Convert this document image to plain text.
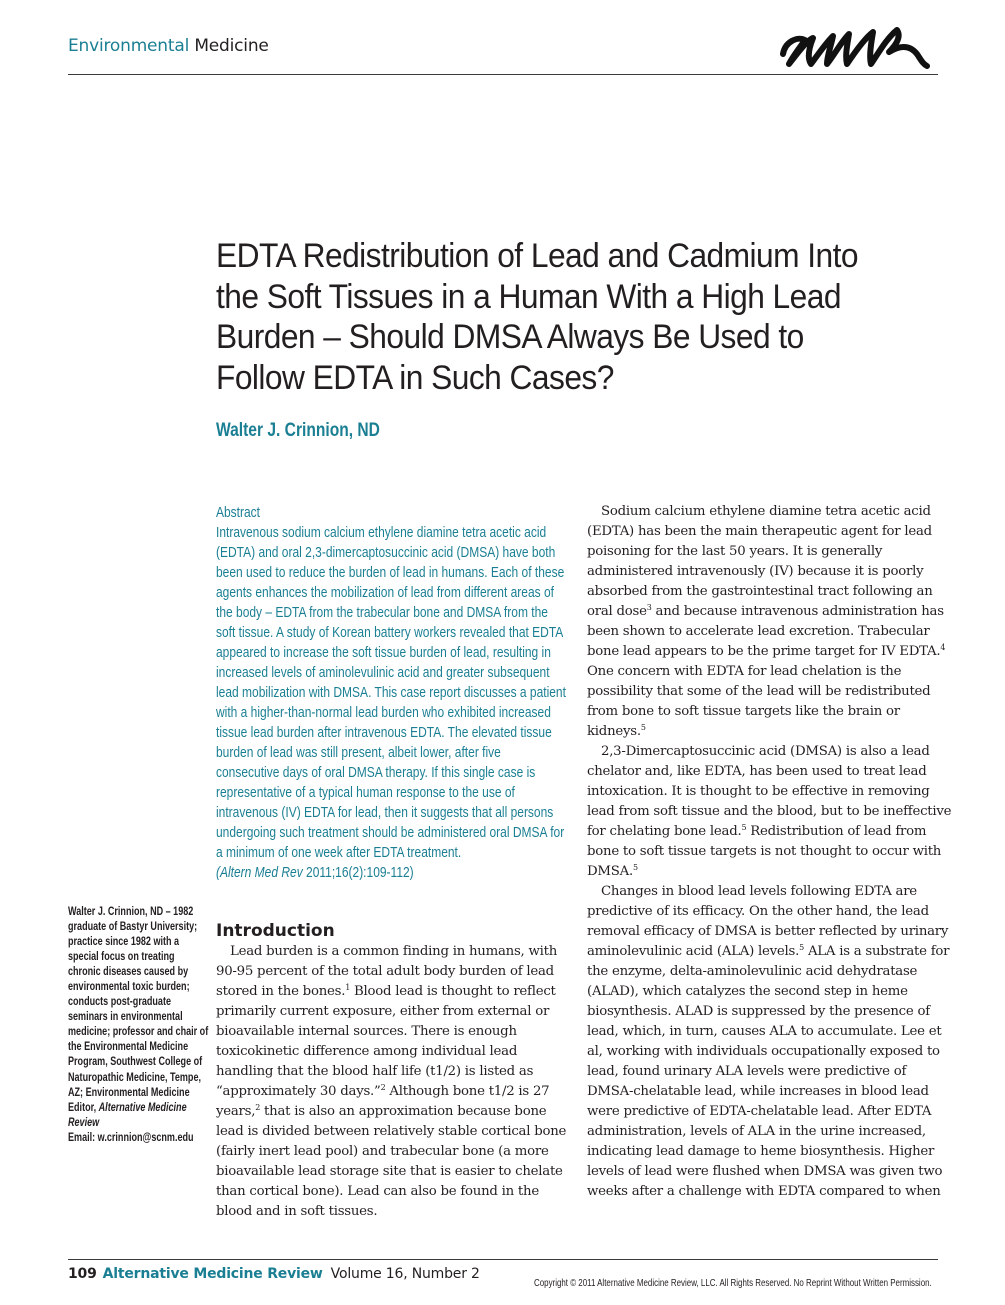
Environmental Medicine
EDTA Redistribution of Lead and Cadmium Into the Soft Tissues in a Human With a High Lead Burden – Should DMSA Always Be Used to Follow EDTA in Such Cases?
Walter J. Crinnion, ND

Abstract

Intravenous sodium calcium ethylene diamine tetra acetic acid (EDTA) and oral 2,3-dimercaptosuccinic acid (DMSA) have both been used to reduce the burden of lead in humans. Each of these agents enhances the mobilization of lead from different areas of the body – EDTA from the trabecular bone and DMSA from the soft tissue. A study of Korean battery workers revealed that EDTA appeared to increase the soft tissue burden of lead, resulting in increased levels of aminolevulinic acid and greater subsequent lead mobilization with DMSA. This case report discusses a patient with a higher-than-normal lead burden who exhibited increased tissue lead burden after intravenous EDTA. The elevated tissue burden of lead was still present, albeit lower, after five consecutive days of oral DMSA therapy. If this single case is representative of a typical human response to the use of intravenous (IV) EDTA for lead, then it suggests that all persons undergoing such treatment should be administered oral DMSA for a minimum of one week after EDTA treatment.

(Altern Med Rev 2011;16(2):109-112)

Walter J. Crinnion, ND – 1982 graduate of Bastyr University; practice since 1982 with a special focus on treating chronic diseases caused by environmental toxic burden; conducts post-graduate seminars in environmental medicine; professor and chair of the Environmental Medicine Program, Southwest College of Naturopathic Medicine, Tempe, AZ; Environmental Medicine Editor, Alternative Medicine Review
Email: w.crinnion@scnm.edu
Introduction

Lead burden is a common finding in humans, with 90-95 percent of the total adult body burden of lead stored in the bones.$^1$ Blood lead is thought to reflect primarily current exposure, either from external or bioavailable internal sources. There is enough toxicokinetic difference among individual lead handling that the blood half life (t1/2) is listed as “approximately 30 days.”$^2$ Although bone t1/2 is 27 years,$^2$ that is also an approximation because bone lead is divided between relatively stable cortical bone (fairly inert lead pool) and trabecular bone (a more bioavailable lead storage site that is easier to chelate than cortical bone). Lead can also be found in the blood and in soft tissues.

Sodium calcium ethylene diamine tetra acetic acid (EDTA) has been the main therapeutic agent for lead poisoning for the last 50 years. It is generally administered intravenously (IV) because it is poorly absorbed from the gastrointestinal tract following an oral dose$^3$ and because intravenous administration has been shown to accelerate lead excretion. Trabecular bone lead appears to be the prime target for IV EDTA.$^4$ One concern with EDTA for lead chelation is the possibility that some of the lead will be redistributed from bone to soft tissue targets like the brain or kidneys.$^5$

2,3-Dimercaptosuccinic acid (DMSA) is also a lead chelator and, like EDTA, has been used to treat lead intoxication. It is thought to be effective in removing lead from soft tissue and the blood, but to be ineffective for chelating bone lead.$^5$ Redistribution of lead from bone to soft tissue targets is not thought to occur with DMSA.$^5$

Changes in blood lead levels following EDTA are predictive of its efficacy. On the other hand, the lead removal efficacy of DMSA is better reflected by urinary aminolevulinic acid (ALA) levels.$^5$ ALA is a substrate for the enzyme, delta-aminolevulinic acid dehydratase (ALAD), which catalyzes the second step in heme biosynthesis. ALAD is suppressed by the presence of lead, which, in turn, causes ALA to accumulate. Lee et al, working with individuals occupationally exposed to lead, found urinary ALA levels were predictive of DMSA-chelatable lead, while increases in blood lead were predictive of EDTA-chelatable lead. After EDTA administration, levels of ALA in the urine increased, indicating lead damage to heme biosynthesis. Higher levels of lead were flushed when DMSA was given two weeks after a challenge with EDTA compared to when

109 Alternative Medicine Review Volume 16, Number 2
Copyright © 2011 Alternative Medicine Review, LLC. All Rights Reserved. No Reprint Without Written Permission.
